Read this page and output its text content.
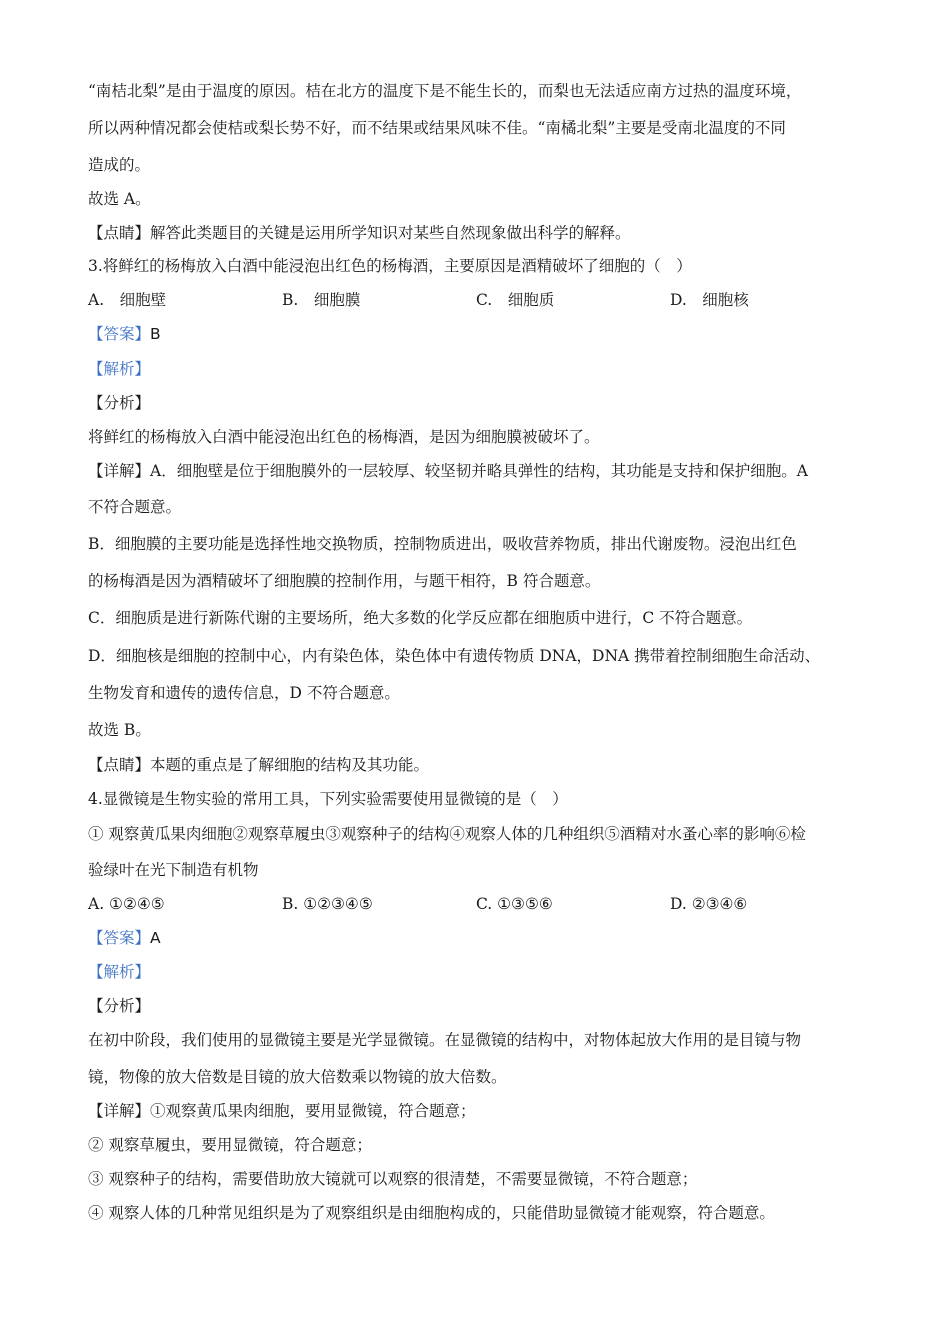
“南桔北梨”是由于温度的原因。桔在北方的温度下是不能生长的，而梨也无法适应南方过热的温度环境，
所以两种情况都会使桔或梨长势不好，而不结果或结果风味不佳。“南橘北梨”主要是受南北温度的不同
造成的。
故选 A。
【点睛】解答此类题目的关键是运用所学知识对某些自然现象做出科学的解释。
3.将鲜红的杨梅放入白酒中能浸泡出红色的杨梅酒，主要原因是酒精破坏了细胞的（　）
A.　细胞壁	B.　细胞膜	C.　细胞质	D.　细胞核
【答案】B
【解析】
【分析】
将鲜红的杨梅放入白酒中能浸泡出红色的杨梅酒，是因为细胞膜被破坏了。
【详解】A．细胞壁是位于细胞膜外的一层较厚、较坚韧并略具弹性的结构，其功能是支持和保护细胞。A
不符合题意。
B．细胞膜的主要功能是选择性地交换物质，控制物质进出，吸收营养物质，排出代谢废物。浸泡出红色
的杨梅酒是因为酒精破坏了细胞膜的控制作用，与题干相符，B 符合题意。
C．细胞质是进行新陈代谢的主要场所，绝大多数的化学反应都在细胞质中进行，C 不符合题意。
D．细胞核是细胞的控制中心，内有染色体，染色体中有遗传物质 DNA，DNA 携带着控制细胞生命活动、
生物发育和遗传的遗传信息，D 不符合题意。
故选 B。
【点睛】本题的重点是了解细胞的结构及其功能。
4.显微镜是生物实验的常用工具，下列实验需要使用显微镜的是（　）
① 观察黄瓜果肉细胞②观察草履虫③观察种子的结构④观察人体的几种组织⑤酒精对水蚤心率的影响⑥检
验绿叶在光下制造有机物
A. ①②④⑤	B. ①②③④⑤	C. ①③⑤⑥	D. ②③④⑥
【答案】A
【解析】
【分析】
在初中阶段，我们使用的显微镜主要是光学显微镜。在显微镜的结构中，对物体起放大作用的是目镜与物
镜，物像的放大倍数是目镜的放大倍数乘以物镜的放大倍数。
【详解】①观察黄瓜果肉细胞，要用显微镜，符合题意；
② 观察草履虫，要用显微镜，符合题意；
③ 观察种子的结构，需要借助放大镜就可以观察的很清楚，不需要显微镜，不符合题意；
④ 观察人体的几种常见组织是为了观察组织是由细胞构成的，只能借助显微镜才能观察，符合题意。
